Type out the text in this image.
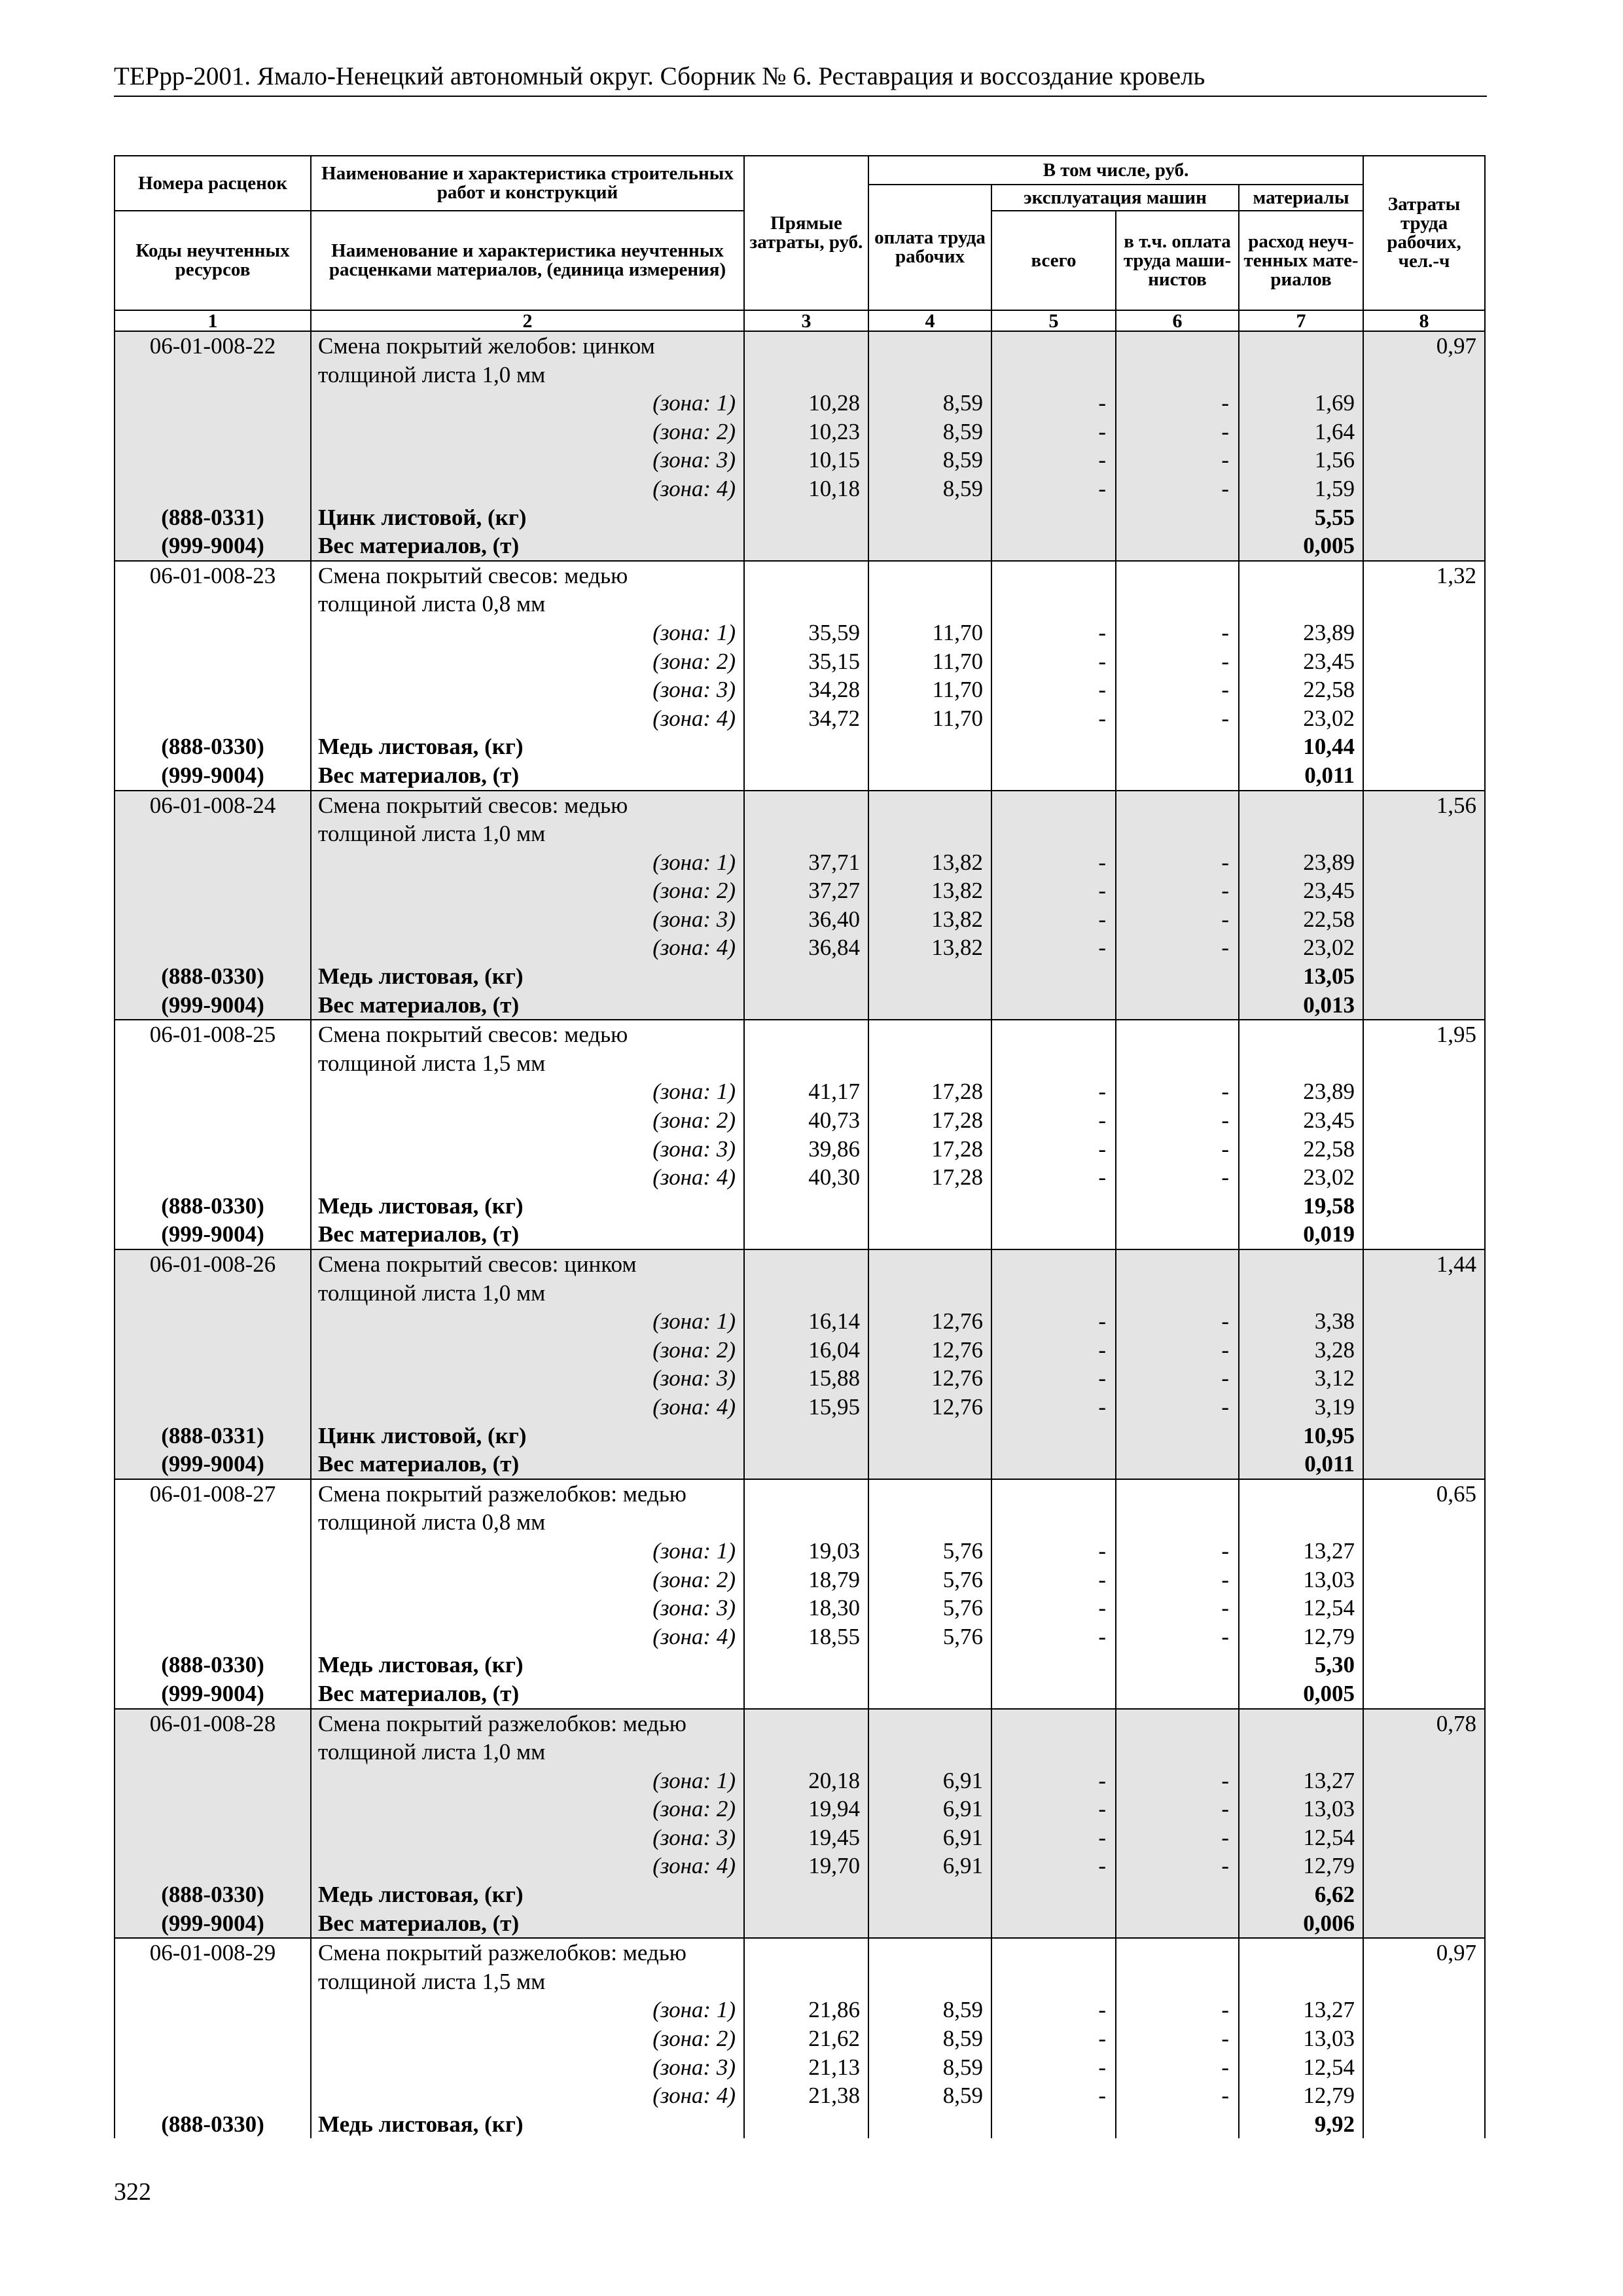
ТЕРрр-2001. Ямало-Ненецкий автономный округ. Сборник № 6. Реставрация и воссоздание кровель
Номера расценок	Наименование и характеристика строительных работ и конструкций	Прямые затраты, руб.	В том числе, руб.				Затраты труда рабочих, чел.-ч
			оплата труда рабочих	эксплуатация машин		материалы	
Коды неучтенных ресурсов	Наименование и характеристика неучтенных расценками материалов, (единица измерения)			всего	в т.ч. оплата труда маши-нистов	расход неуч-тенных мате-риалов	

1	2	3	4	5	6	7	8
06-01-008-22	Смена покрытий желобов: цинком						0,97
	толщиной листа 1,0 мм						
	(зона: 1)	10,28	8,59	-	-	1,69	
	(зона: 2)	10,23	8,59	-	-	1,64	
	(зона: 3)	10,15	8,59	-	-	1,56	
	(зона: 4)	10,18	8,59	-	-	1,59	
(888-0331)	Цинк листовой, (кг)					5,55	
(999-9004)	Вес материалов, (т)					0,005	
06-01-008-23	Смена покрытий свесов: медью						1,32
	толщиной листа 0,8 мм						
	(зона: 1)	35,59	11,70	-	-	23,89	
	(зона: 2)	35,15	11,70	-	-	23,45	
	(зона: 3)	34,28	11,70	-	-	22,58	
	(зона: 4)	34,72	11,70	-	-	23,02	
(888-0330)	Медь листовая, (кг)					10,44	
(999-9004)	Вес материалов, (т)					0,011	
06-01-008-24	Смена покрытий свесов: медью						1,56
	толщиной листа 1,0 мм						
	(зона: 1)	37,71	13,82	-	-	23,89	
	(зона: 2)	37,27	13,82	-	-	23,45	
	(зона: 3)	36,40	13,82	-	-	22,58	
	(зона: 4)	36,84	13,82	-	-	23,02	
(888-0330)	Медь листовая, (кг)					13,05	
(999-9004)	Вес материалов, (т)					0,013	
06-01-008-25	Смена покрытий свесов: медью						1,95
	толщиной листа 1,5 мм						
	(зона: 1)	41,17	17,28	-	-	23,89	
	(зона: 2)	40,73	17,28	-	-	23,45	
	(зона: 3)	39,86	17,28	-	-	22,58	
	(зона: 4)	40,30	17,28	-	-	23,02	
(888-0330)	Медь листовая, (кг)					19,58	
(999-9004)	Вес материалов, (т)					0,019	
06-01-008-26	Смена покрытий свесов: цинком						1,44
	толщиной листа 1,0 мм						
	(зона: 1)	16,14	12,76	-	-	3,38	
	(зона: 2)	16,04	12,76	-	-	3,28	
	(зона: 3)	15,88	12,76	-	-	3,12	
	(зона: 4)	15,95	12,76	-	-	3,19	
(888-0331)	Цинк листовой, (кг)					10,95	
(999-9004)	Вес материалов, (т)					0,011	
06-01-008-27	Смена покрытий разжелобков: медью						0,65
	толщиной листа 0,8 мм						
	(зона: 1)	19,03	5,76	-	-	13,27	
	(зона: 2)	18,79	5,76	-	-	13,03	
	(зона: 3)	18,30	5,76	-	-	12,54	
	(зона: 4)	18,55	5,76	-	-	12,79	
(888-0330)	Медь листовая, (кг)					5,30	
(999-9004)	Вес материалов, (т)					0,005	
06-01-008-28	Смена покрытий разжелобков: медью						0,78
	толщиной листа 1,0 мм						
	(зона: 1)	20,18	6,91	-	-	13,27	
	(зона: 2)	19,94	6,91	-	-	13,03	
	(зона: 3)	19,45	6,91	-	-	12,54	
	(зона: 4)	19,70	6,91	-	-	12,79	
(888-0330)	Медь листовая, (кг)					6,62	
(999-9004)	Вес материалов, (т)					0,006	
06-01-008-29	Смена покрытий разжелобков: медью						0,97
	толщиной листа 1,5 мм						
	(зона: 1)	21,86	8,59	-	-	13,27	
	(зона: 2)	21,62	8,59	-	-	13,03	
	(зона: 3)	21,13	8,59	-	-	12,54	
	(зона: 4)	21,38	8,59	-	-	12,79	
(888-0330)	Медь листовая, (кг)					9,92	
322
